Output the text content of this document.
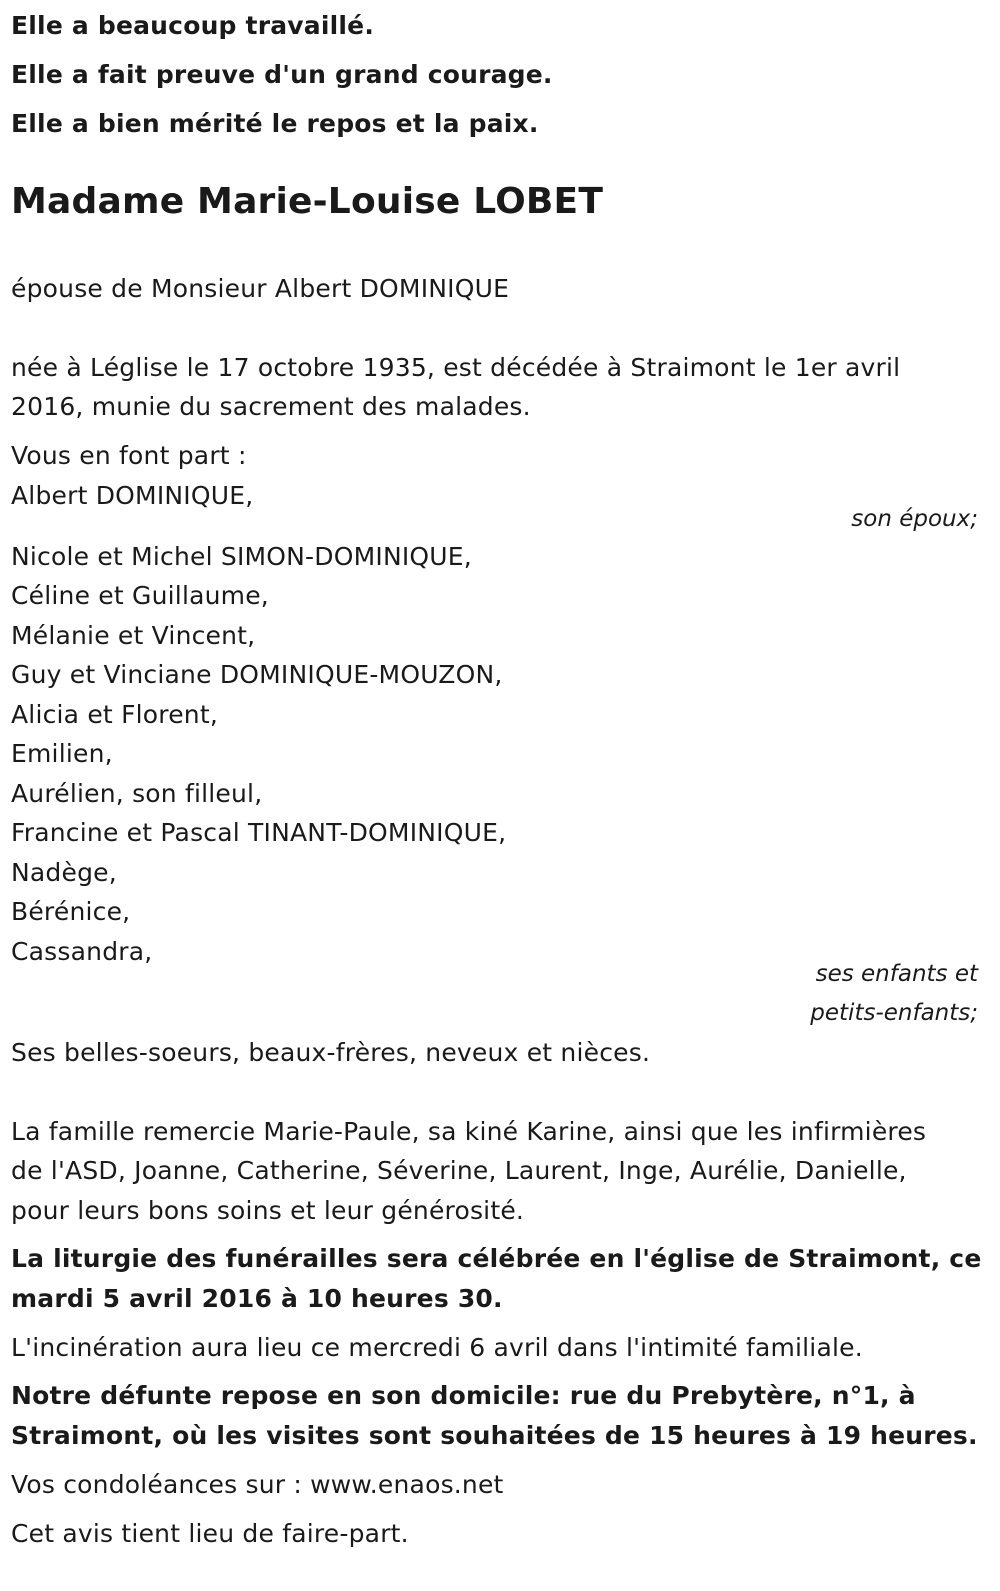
Elle a beaucoup travaillé.
Elle a fait preuve d'un grand courage.
Elle a bien mérité le repos et la paix.
Madame Marie-Louise LOBET
épouse de Monsieur Albert DOMINIQUE
née à Léglise le 17 octobre 1935, est décédée à Straimont le 1er avril
2016, munie du sacrement des malades.
Vous en font part :
Albert DOMINIQUE,
son époux;
Nicole et Michel SIMON-DOMINIQUE,
Céline et Guillaume,
Mélanie et Vincent,
Guy et Vinciane DOMINIQUE-MOUZON,
Alicia et Florent,
Emilien,
Aurélien, son filleul,
Francine et Pascal TINANT-DOMINIQUE,
Nadège,
Bérénice,
Cassandra,
ses enfants et
petits-enfants;
Ses belles-soeurs, beaux-frères, neveux et nièces.
La famille remercie Marie-Paule, sa kiné Karine, ainsi que les infirmières
de l'ASD, Joanne, Catherine, Séverine, Laurent, Inge, Aurélie, Danielle,
pour leurs bons soins et leur générosité.
La liturgie des funérailles sera célébrée en l'église de Straimont, ce
mardi 5 avril 2016 à 10 heures 30.
L'incinération aura lieu ce mercredi 6 avril dans l'intimité familiale.
Notre défunte repose en son domicile: rue du Prebytère, n°1, à
Straimont, où les visites sont souhaitées de 15 heures à 19 heures.
Vos condoléances sur : www.enaos.net
Cet avis tient lieu de faire-part.
